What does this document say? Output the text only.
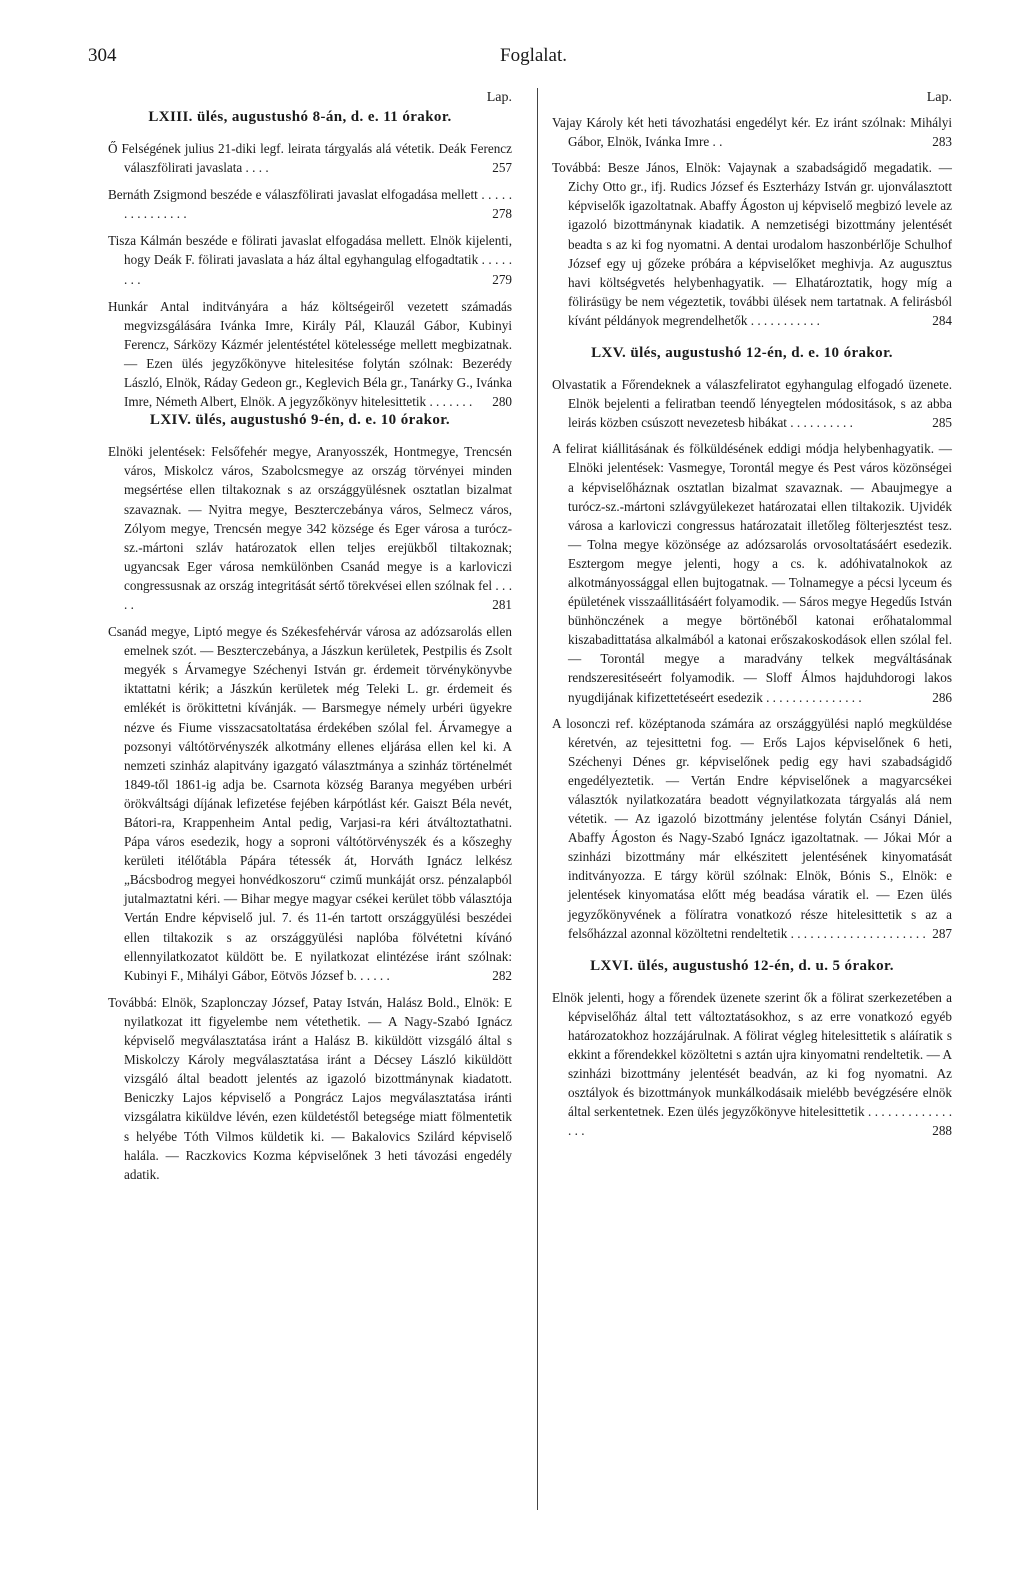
304	Foglalat.
Lap.
LXIII. ülés, augustushó 8-án, d. e. 11 órakor.
Ő Felségének julius 21-diki legf. leirata tárgyalás alá vétetik. Deák Ferencz válaszfölirati javaslata . . . .	257
Bernáth Zsigmond beszéde e válaszfölirati javaslat elfogadása mellett . . . . . . . . . . . . . . .	278
Tisza Kálmán beszéde e fölirati javaslat elfogadása mellett. Elnök kijelenti, hogy Deák F. fölirati javaslata a ház által egyhangulag elfogadtatik . . . . . . . .	279
Hunkár Antal inditványára a ház költségeiről vezetett számadás megvizsgálására Ivánka Imre, Király Pál, Klauzál Gábor, Kubinyi Ferencz, Sárközy Kázmér jelentéstétel kötelessége mellett megbizatnak. — Ezen ülés jegyzőkönyve hitelesitése folytán szólnak: Bezerédy László, Elnök, Ráday Gedeon gr., Keglevich Béla gr., Tanárky G., Ivánka Imre, Németh Albert, Elnök. A jegyzőkönyv hitelesittetik . . . . . . . 280
LXIV. ülés, augustushó 9-én, d. e. 10 órakor.
Elnöki jelentések: Felsőfehér megye, Aranyosszék, Hontmegye, Trencsén város, Miskolcz város, Szabolcsmegye az ország törvényei minden megsértése ellen tiltakoznak s az országgyülésnek osztatlan bizalmat szavaznak. — Nyitra megye, Beszterczebánya város, Selmecz város, Zólyom megye, Trencsén megye 342 községe és Eger városa a turócz-sz.-mártoni szláv határozatok ellen teljes erejükből tiltakoznak; ugyancsak Eger városa nemkülönben Csanád megye is a karloviczi congressusnak az ország integritását sértő törekvései ellen szólnak fel . . . . .	281
Csanád megye, Liptó megye és Székesfehérvár városa az adózsarolás ellen emelnek szót. — Beszterczebánya, a Jászkun kerületek, Pestpilis és Zsolt megyék s Árvamegye Széchenyi István gr. érdemeit törvénykönyvbe iktattatni kérik; a Jászkún kerületek még Teleki L. gr. érdemeit és emlékét is örökittetni kívánják. — Barsmegye némely urbéri ügyekre nézve és Fiume visszacsatoltatása érdekében szólal fel. Árvamegye a pozsonyi váltótörvényszék alkotmány ellenes eljárása ellen kel ki. A nemzeti szinház alapitvány igazgató választmánya a szinház történelmét 1849-től 1861-ig adja be. Csarnota község Baranya megyében urbéri örökváltsági díjának lefizetése fejében kárpótlást kér. Gaiszt Béla nevét, Bátori-ra, Krappenheim Antal pedig, Varjasi-ra kéri átváltoztathatni. Pápa város esedezik, hogy a soproni váltótörvényszék és a kőszeghy kerületi itélőtábla Pápára tétessék át, Horváth Ignácz lelkész „Bácsbodrog megyei honvédkoszoru“ czimű munkáját orsz. pénzalapból jutalmaztatni kéri. — Bihar megye magyar csékei kerület több választója Vertán Endre képviselő jul. 7. és 11-én tartott országgyülési beszédei ellen tiltakozik s az országgyülési naplóba fölvétetni kívánó ellennyilatkozatot küldött be. E nyilatkozat elintézése iránt szólnak: Kubinyi F., Mihályi Gábor, Eötvös József b. . . . . .	282
Továbbá: Elnök, Szaplonczay József, Patay István, Halász Bold., Elnök: E nyilatkozat itt figyelembe nem vétethetik. — A Nagy-Szabó Ignácz képviselő megválasztatása iránt a Halász B. kiküldött vizsgáló által s Miskolczy Károly megválasztatása iránt a Décsey László kiküldött vizsgáló által beadott jelentés az igazoló bizottmánynak kiadatott. Beniczky Lajos képviselő a Pongrácz Lajos megválasztatása iránti vizsgálatra kiküldve lévén, ezen küldetéstől betegsége miatt fölmentetik s helyébe Tóth Vilmos küldetik ki. — Bakalovics Szilárd képviselő halála. — Raczkovics Kozma képviselőnek 3 heti távozási engedély adatik.
Lap.
Vajay Károly két heti távozhatási engedélyt kér. Ez iránt szólnak: Mihályi Gábor, Elnök, Ivánka Imre . .	283
Továbbá: Besze János, Elnök: Vajaynak a szabadságidő megadatik. — Zichy Otto gr., ifj. Rudics József és Eszterházy István gr. ujonválasztott képviselők igazoltatnak. Abaffy Ágoston uj képviselő megbizó levele az igazoló bizottmánynak kiadatik. A nemzetiségi bizottmány jelentését beadta s az ki fog nyomatni. A dentai urodalom haszonbérlője Schulhof József egy uj gőzeke próbára a képviselőket meghivja. Az augusztus havi költségvetés helybenhagyatik. — Elhatároztatik, hogy míg a fölirásügy be nem végeztetik, további ülések nem tartatnak. A felirásból kívánt példányok megrendelhetők . . . . . . . . . . .	284
LXV. ülés, augustushó 12-én, d. e. 10 órakor.
Olvastatik a Főrendeknek a válaszfeliratot egyhangulag elfogadó üzenete. Elnök bejelenti a feliratban teendő lényegtelen módositások, s az abba leirás közben csúszott nevezetesb hibákat . . . . . . . . . .	285
A felirat kiállitásának és fölküldésének eddigi módja helybenhagyatik. — Elnöki jelentések: Vasmegye, Torontál megye és Pest város közönségei a képviselőháznak osztatlan bizalmat szavaznak. — Abaujmegye a turócz-sz.-mártoni szlávgyülekezet határozatai ellen tiltakozik. Ujvidék városa a karloviczi congressus határozatait illetőleg fölterjesztést tesz. — Tolna megye közönsége az adózsarolás orvosoltatásáért esedezik. Esztergom megye jelenti, hogy a cs. k. adóhivatalnokok az alkotmányossággal ellen bujtogatnak. — Tolnamegye a pécsi lyceum és épületének visszaállitásáért folyamodik. — Sáros megye Hegedűs István bünhönczének a megye börtönéből katonai erőhatalommal kiszabadittatása alkalmából a katonai erőszakoskodások ellen szólal fel. — Torontál megye a maradvány telkek megváltásának rendszeresitéseért folyamodik. — Sloff Álmos hajduhdorogi lakos nyugdijának kifizettetéseért esedezik . . . . . . . . . . . . . . .	286
A losonczi ref. középtanoda számára az országgyülési napló megküldése kéretvén, az tejesittetni fog. — Erős Lajos képviselőnek 6 heti, Széchenyi Dénes gr. képviselőnek pedig egy havi szabadságidő engedélyeztetik. — Vertán Endre képviselőnek a magyarcsékei választók nyilatkozatára beadott végnyilatkozata tárgyalás alá nem vétetik. — Az igazoló bizottmány jelentése folytán Csányi Dániel, Abaffy Ágoston és Nagy-Szabó Ignácz igazoltatnak. — Jókai Mór a szinházi bizottmány már elkészitett jelentésének kinyomatását inditványozza. E tárgy körül szólnak: Elnök, Bónis S., Elnök: e jelentések kinyomatása előtt még beadása váratik el. — Ezen ülés jegyzőkönyvének a fölíratra vonatkozó része hitelesittetik s az a felsőházzal azonnal közöltetni rendeltetik . . . . . . . . . . . . . . . . . . . . . 287
LXVI. ülés, augustushó 12-én, d. u. 5 órakor.
Elnök jelenti, hogy a főrendek üzenete szerint ők a fölirat szerkezetében a képviselőház által tett változtatásokhoz, s az erre vonatkozó egyéb határozatokhoz hozzájárulnak. A fölirat végleg hitelesittetik s aláíratik s ekkint a főrendekkel közöltetni s aztán ujra kinyomatni rendeltetik. — A szinházi bizottmány jelentését beadván, az ki fog nyomatni. Az osztályok és bizottmányok munkálkodásaik mielébb bevégzésére elnök által serkentetnek. Ezen ülés jegyzőkönyve hitelesittetik . . . . . . . . . . . . . . . .	288
